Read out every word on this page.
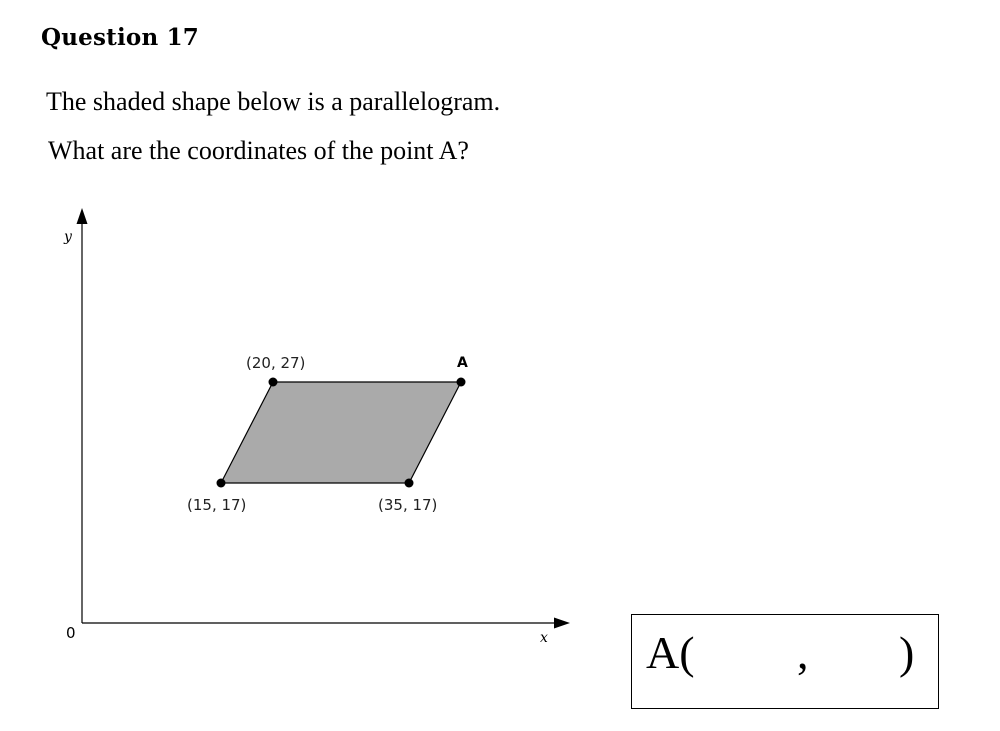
Question 17
The shaded shape below is a parallelogram.
What are the coordinates of the point A?
y
x
0
(15, 17)
(20, 27)	A
(35, 17)
A( , )
